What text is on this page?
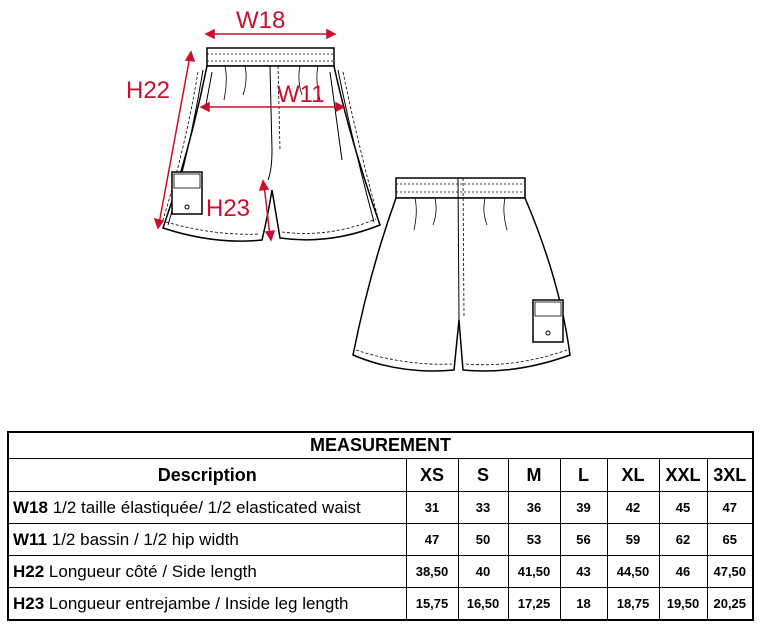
W18
H22	W11
H23
MEASUREMENT							
Description	XS	S	M	L	XL	XXL	3XL
W18 1/2 taille élastiquée/ 1/2 elasticated waist	31	33	36	39	42	45	47
W11 1/2 bassin / 1/2 hip width	47	50	53	56	59	62	65
H22 Longueur côté / Side length	38,50	40	41,50	43	44,50	46	47,50
H23 Longueur entrejambe / Inside leg length	15,75	16,50	17,25	18	18,75	19,50	20,25
